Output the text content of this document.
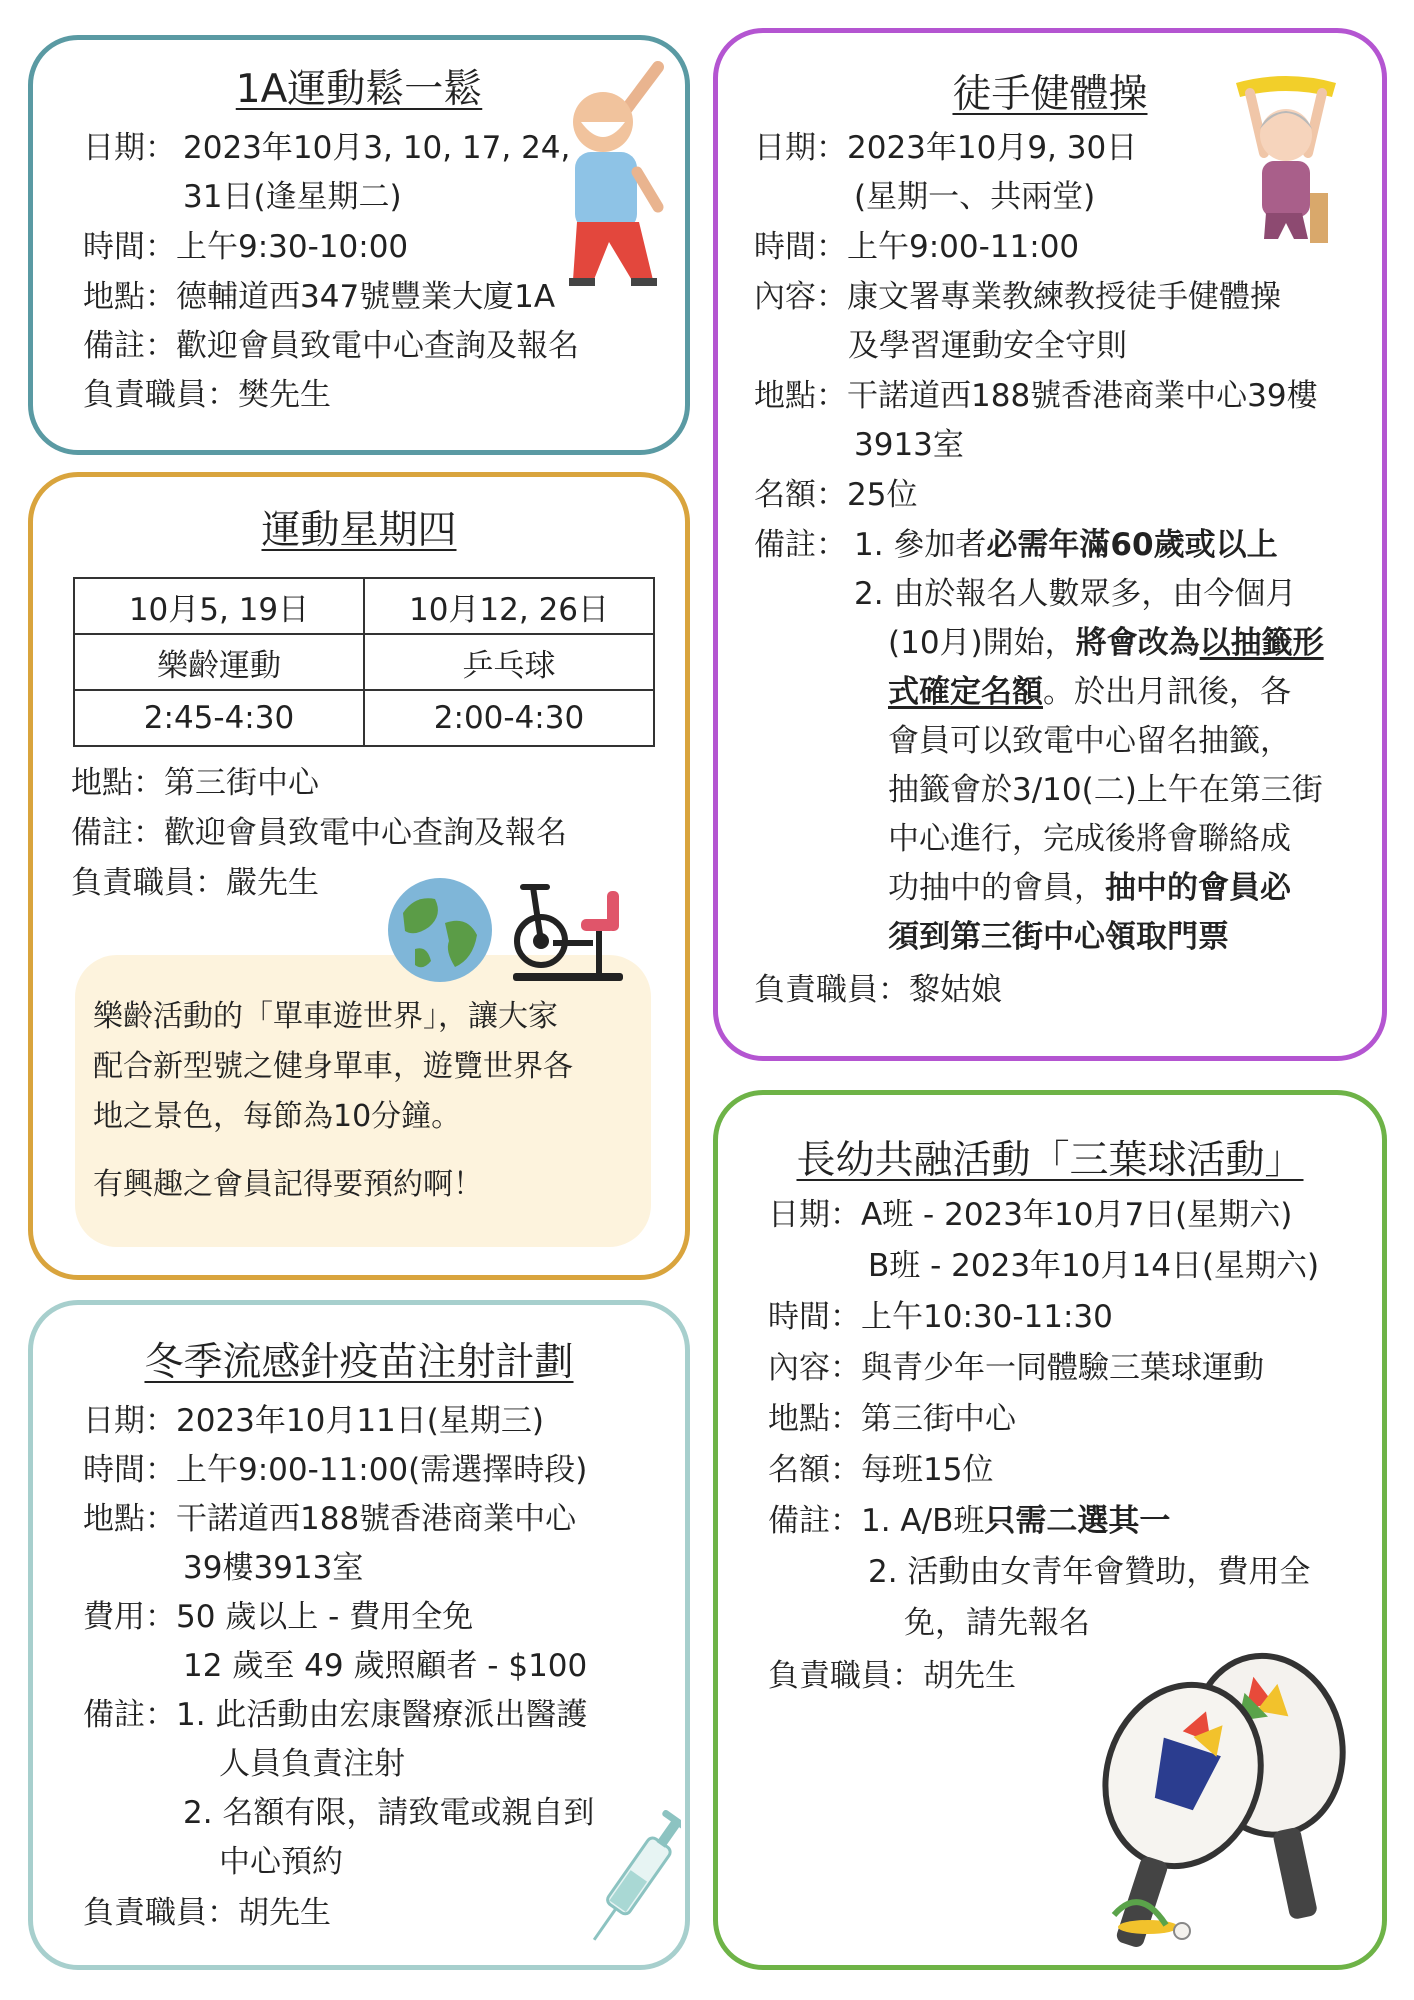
1A運動鬆一鬆
日期： 2023年10月3, 10, 17, 24,
31日(逢星期二)
時間：上午9:30-10:00
地點：德輔道西347號豐業大廈1A
備註：歡迎會員致電中心查詢及報名
負責職員：樊先生
運動星期四
10月5, 19日	10月12, 26日
樂齡運動	乒乓球
2:45-4:30	2:00-4:30
地點：第三街中心
備註：歡迎會員致電中心查詢及報名
負責職員：嚴先生
樂齡活動的「單車遊世界」，讓大家
配合新型號之健身單車，遊覽世界各
地之景色，每節為10分鐘。
有興趣之會員記得要預約啊！
冬季流感針疫苗注射計劃
日期：2023年10月11日(星期三)
時間：上午9:00-11:00(需選擇時段)
地點：干諾道西188號香港商業中心
39樓3913室
費用：50 歲以上 - 費用全免
12 歲至 49 歲照顧者 - $100
備註：1. 此活動由宏康醫療派出醫護
人員負責注射
2. 名額有限，請致電或親自到
中心預約
負責職員：胡先生
徒手健體操
日期：2023年10月9, 30日
(星期一、共兩堂)
時間：上午9:00-11:00
內容：康文署專業教練教授徒手健體操
及學習運動安全守則
地點：干諾道西188號香港商業中心39樓
3913室
名額：25位
備註： 1. 參加者必需年滿60歲或以上
2. 由於報名人數眾多，由今個月
(10月)開始，將會改為以抽籤形
式確定名額。於出月訊後，各
會員可以致電中心留名抽籤，
抽籤會於3/10(二)上午在第三街
中心進行，完成後將會聯絡成
功抽中的會員，抽中的會員必
須到第三街中心領取門票
負責職員：黎姑娘
長幼共融活動「三葉球活動」
日期：A班 - 2023年10月7日(星期六)
B班 - 2023年10月14日(星期六)
時間：上午10:30-11:30
內容：與青少年一同體驗三葉球運動
地點：第三街中心
名額：每班15位
備註：1. A/B班只需二選其一
2. 活動由女青年會贊助，費用全
免，請先報名
負責職員：胡先生
